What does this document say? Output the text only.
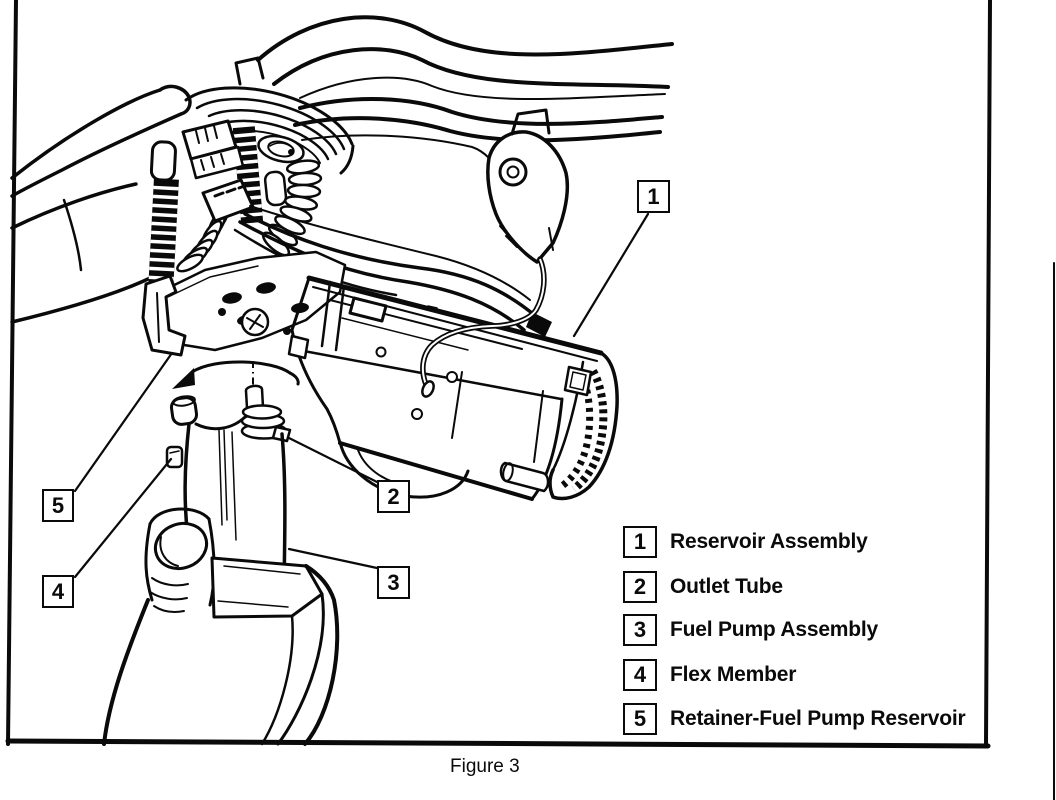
1
2
3
4
5
1 Reservoir Assembly
2 Outlet Tube
3 Fuel Pump Assembly
4 Flex Member
5 Retainer-Fuel Pump Reservoir
Figure 3
